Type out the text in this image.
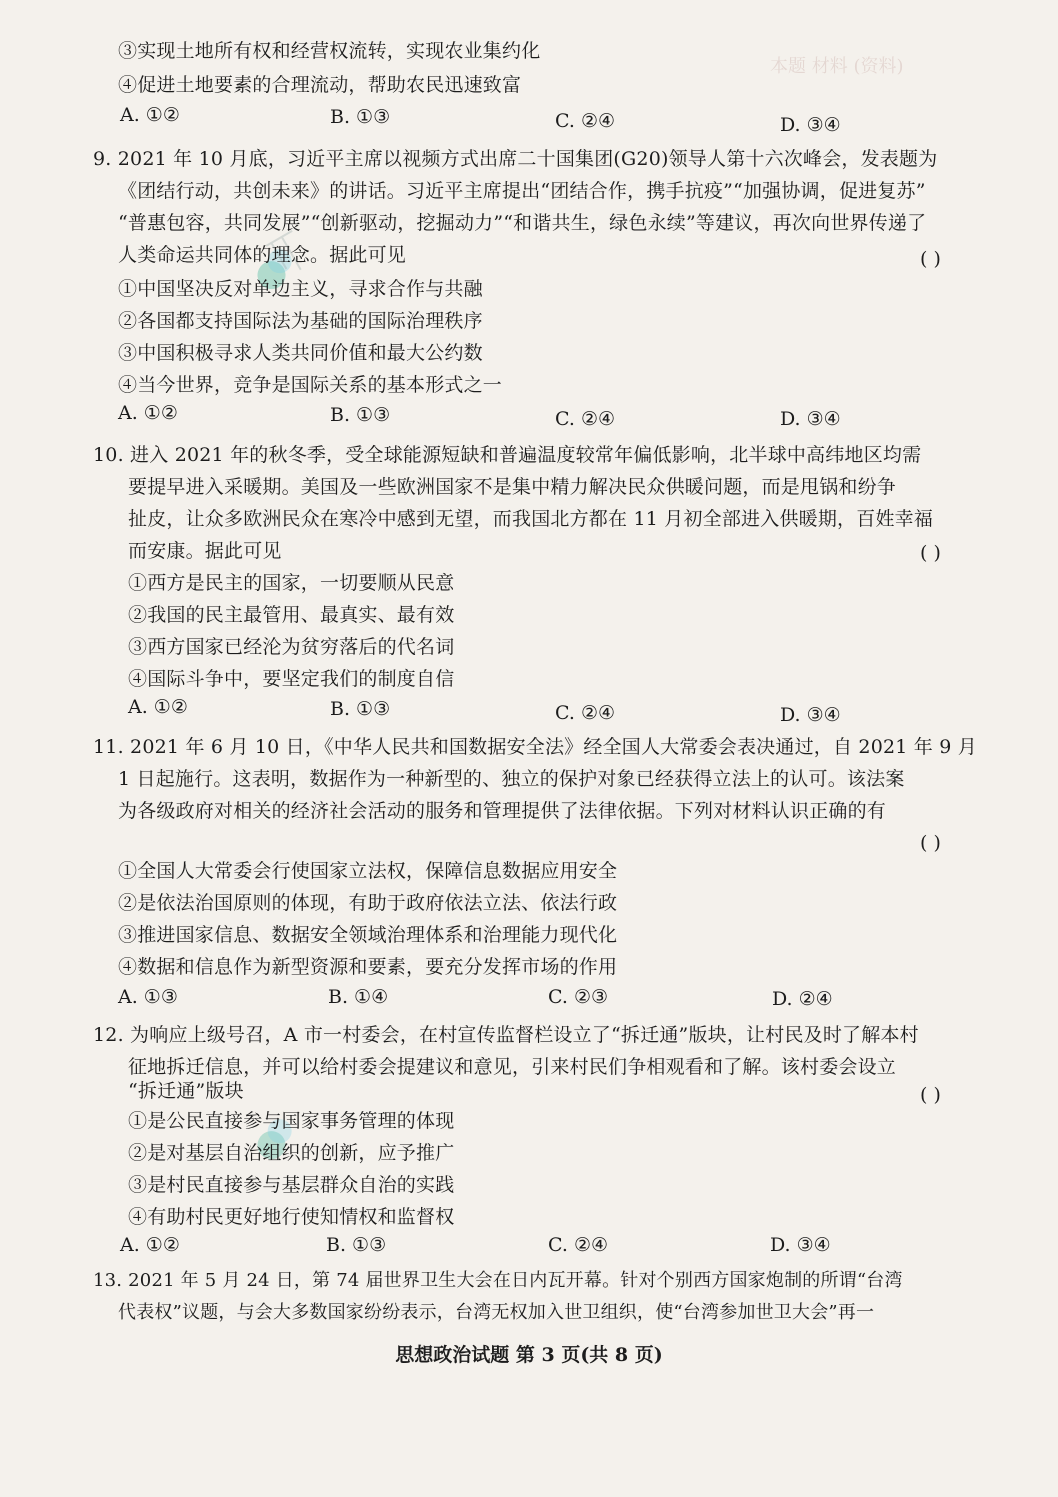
本题 材料 (资料)
③实现土地所有权和经营权流转，实现农业集约化
④促进土地要素的合理流动，帮助农民迅速致富
A. ①②	B. ①③	C. ②④	D. ③④
9. 2021 年 10 月底，习近平主席以视频方式出席二十国集团(G20)领导人第十六次峰会，发表题为
《团结行动，共创未来》的讲话。习近平主席提出“团结合作，携手抗疫”“加强协调，促进复苏”
“普惠包容，共同发展”“创新驱动，挖掘动力”“和谐共生，绿色永续”等建议，再次向世界传递了
人类命运共同体的理念。据此可见	( )
①中国坚决反对单边主义，寻求合作与共融
②各国都支持国际法为基础的国际治理秩序
③中国积极寻求人类共同价值和最大公约数
④当今世界，竞争是国际关系的基本形式之一
A. ①②	B. ①③	C. ②④	D. ③④
10. 进入 2021 年的秋冬季，受全球能源短缺和普遍温度较常年偏低影响，北半球中高纬地区均需
要提早进入采暖期。美国及一些欧洲国家不是集中精力解决民众供暖问题，而是甩锅和纷争
扯皮，让众多欧洲民众在寒冷中感到无望，而我国北方都在 11 月初全部进入供暖期，百姓幸福
而安康。据此可见	( )
①西方是民主的国家，一切要顺从民意
②我国的民主最管用、最真实、最有效
③西方国家已经沦为贫穷落后的代名词
④国际斗争中，要坚定我们的制度自信
A. ①②	B. ①③	C. ②④	D. ③④
11. 2021 年 6 月 10 日，《中华人民共和国数据安全法》经全国人大常委会表决通过，自 2021 年 9 月
1 日起施行。这表明，数据作为一种新型的、独立的保护对象已经获得立法上的认可。该法案
为各级政府对相关的经济社会活动的服务和管理提供了法律依据。下列对材料认识正确的有
( )
①全国人大常委会行使国家立法权，保障信息数据应用安全
②是依法治国原则的体现，有助于政府依法立法、依法行政
③推进国家信息、数据安全领域治理体系和治理能力现代化
④数据和信息作为新型资源和要素，要充分发挥市场的作用
A. ①③	B. ①④	C. ②③	D. ②④
12. 为响应上级号召，A 市一村委会，在村宣传监督栏设立了“拆迁通”版块，让村民及时了解本村
征地拆迁信息，并可以给村委会提建议和意见，引来村民们争相观看和了解。该村委会设立
“拆迁通”版块	( )
①是公民直接参与国家事务管理的体现
②是对基层自治组织的创新，应予推广
③是村民直接参与基层群众自治的实践
④有助村民更好地行使知情权和监督权
A. ①②	B. ①③	C. ②④	D. ③④
13. 2021 年 5 月 24 日，第 74 届世界卫生大会在日内瓦开幕。针对个别西方国家炮制的所谓“台湾
代表权”议题，与会大多数国家纷纷表示，台湾无权加入世卫组织，使“台湾参加世卫大会”再一
思想政治试题 第 3 页(共 8 页)
